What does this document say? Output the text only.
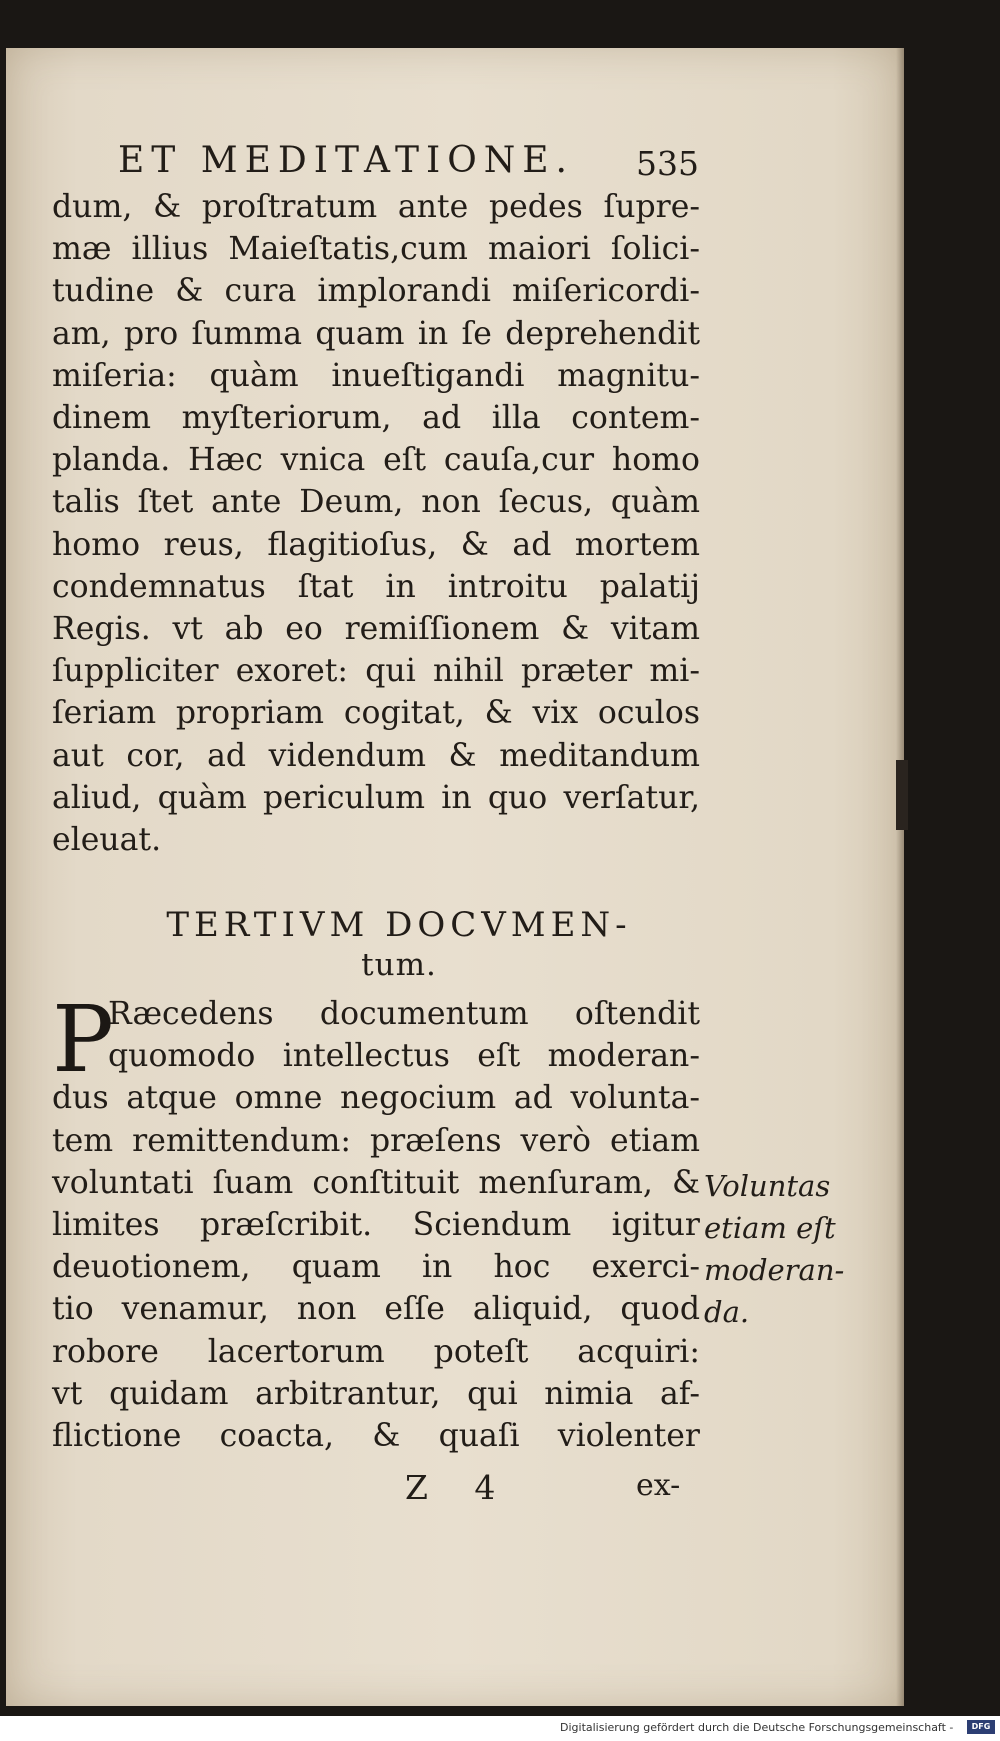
ET MEDITATIONE. 535
dum, & proſtratum ante pedes ſupre-
mæ illius Maieſtatis,cum maiori ſolici-
tudine & cura implorandi miſericordi-
am, pro ſumma quam in ſe deprehendit
miſeria: quàm inueſtigandi magnitu-
dinem myſteriorum, ad illa contem-
planda. Hæc vnica eſt cauſa,cur homo
talis ſtet ante Deum, non ſecus, quàm
homo reus, flagitioſus, & ad mortem
condemnatus ſtat in introitu palatij
Regis. vt ab eo remiſſionem & vitam
ſuppliciter exoret: qui nihil præter mi-
ſeriam propriam cogitat, & vix oculos
aut cor, ad videndum & meditandum
aliud, quàm periculum in quo verſatur,
eleuat.
TERTIVM DOCVMEN-
tum.
P
Ræcedens documentum oſtendit
quomodo intellectus eſt moderan-
dus atque omne negocium ad volunta-
tem remittendum: præſens verò etiam
voluntati ſuam conſtituit menſuram, &
limites præſcribit. Sciendum igitur
deuotionem, quam in hoc exerci-
tio venamur, non eſſe aliquid, quod
robore lacertorum poteſt acquiri:
vt quidam arbitrantur, qui nimia af-
flictione coacta, & quaſi violenter
Voluntas
etiam eſt
moderan-
da.
Z 4	ex-
Digitalisierung gefördert durch die Deutsche Forschungsgemeinschaft -	DFG
